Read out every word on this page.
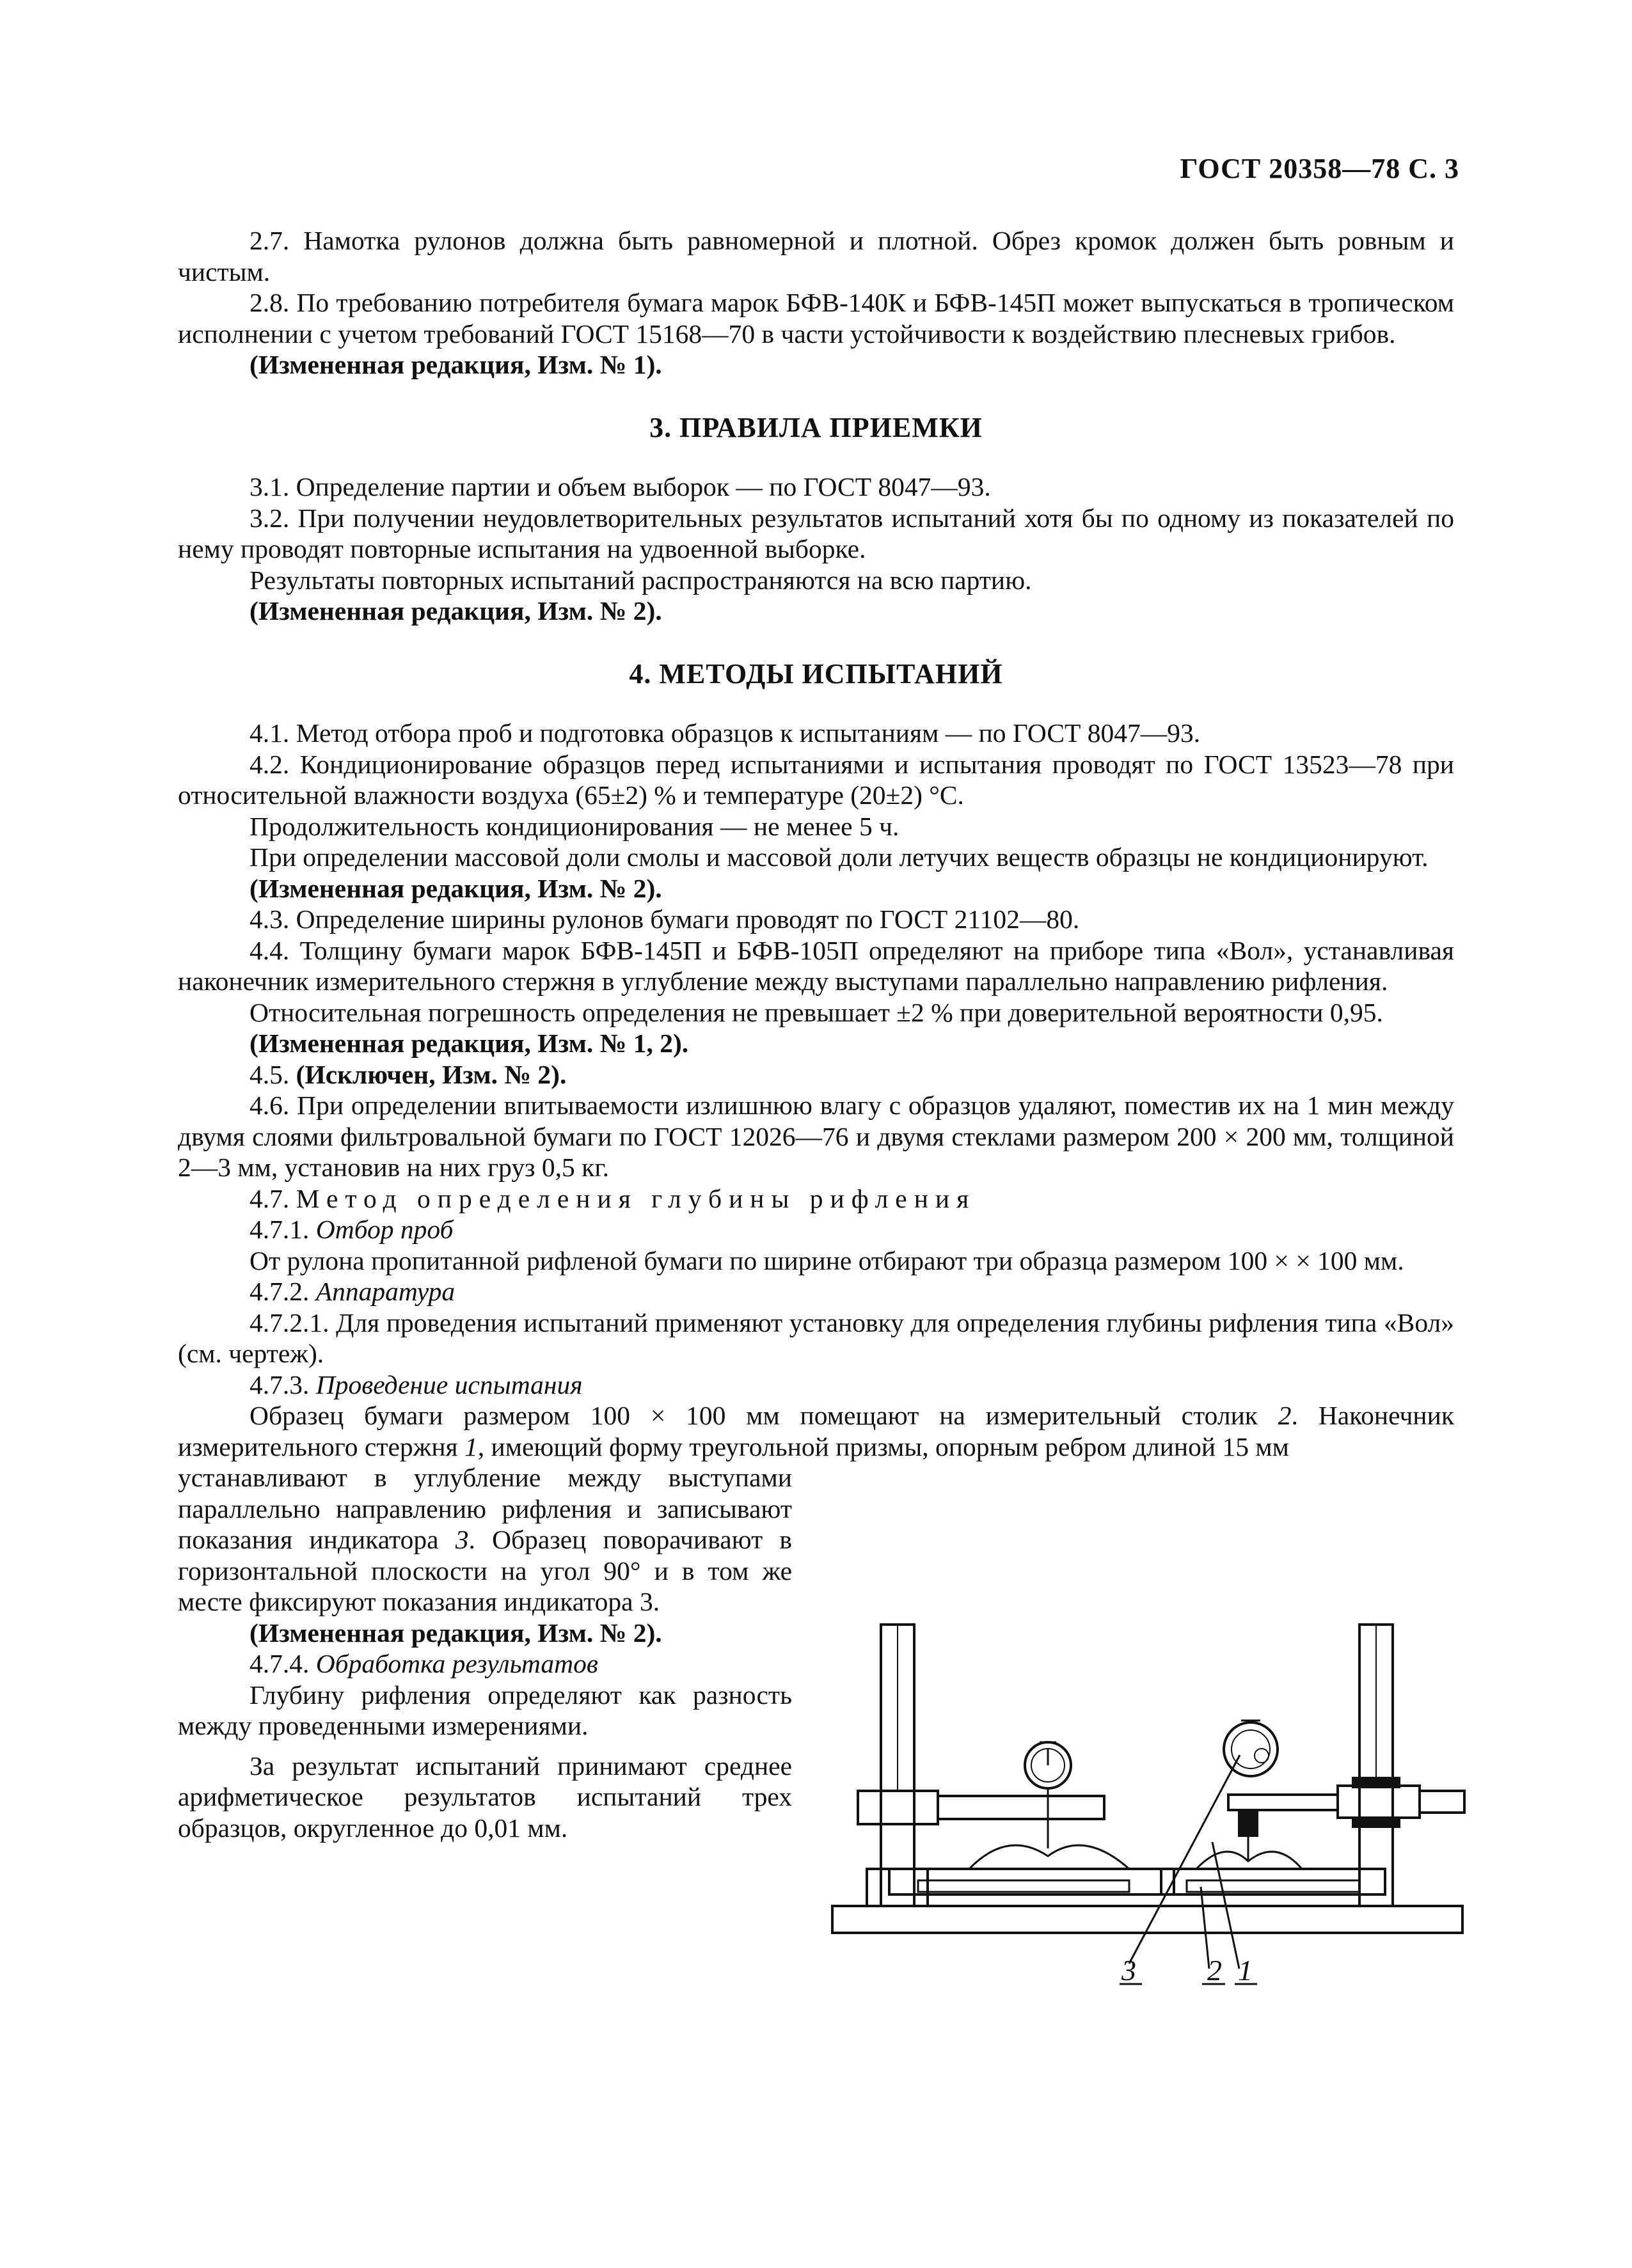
ГОСТ 20358—78 С. 3

2.7. Намотка рулонов должна быть равномерной и плотной. Обрез кромок должен быть ровным и чистым.

2.8. По требованию потребителя бумага марок БФВ-140К и БФВ-145П может выпускаться в тропическом исполнении с учетом требований ГОСТ 15168—70 в части устойчивости к воздействию плесневых грибов.

(Измененная редакция, Изм. № 1).

3. ПРАВИЛА ПРИЕМКИ

3.1. Определение партии и объем выборок — по ГОСТ 8047—93.

3.2. При получении неудовлетворительных результатов испытаний хотя бы по одному из показателей по нему проводят повторные испытания на удвоенной выборке.

Результаты повторных испытаний распространяются на всю партию.

(Измененная редакция, Изм. № 2).

4. МЕТОДЫ ИСПЫТАНИЙ

4.1. Метод отбора проб и подготовка образцов к испытаниям — по ГОСТ 8047—93.

4.2. Кондиционирование образцов перед испытаниями и испытания проводят по ГОСТ 13523—78 при относительной влажности воздуха (65±2) % и температуре (20±2) °С.

Продолжительность кондиционирования — не менее 5 ч.

При определении массовой доли смолы и массовой доли летучих веществ образцы не кондиционируют.

(Измененная редакция, Изм. № 2).

4.3. Определение ширины рулонов бумаги проводят по ГОСТ 21102—80.

4.4. Толщину бумаги марок БФВ-145П и БФВ-105П определяют на приборе типа «Вол», устанавливая наконечник измерительного стержня в углубление между выступами параллельно направлению рифления.

Относительная погрешность определения не превышает ±2 % при доверительной вероятности 0,95.

(Измененная редакция, Изм. № 1, 2).

4.5. (Исключен, Изм. № 2).

4.6. При определении впитываемости излишнюю влагу с образцов удаляют, поместив их на 1 мин между двумя слоями фильтровальной бумаги по ГОСТ 12026—76 и двумя стеклами размером 200 × 200 мм, толщиной 2—3 мм, установив на них груз 0,5 кг.

4.7. Метод определения глубины рифления

4.7.1. Отбор проб

От рулона пропитанной рифленой бумаги по ширине отбирают три образца размером 100 × × 100 мм.

4.7.2. Аппаратура

4.7.2.1. Для проведения испытаний применяют установку для определения глубины рифления типа «Вол» (см. чертеж).

4.7.3. Проведение испытания

Образец бумаги размером 100 × 100 мм помещают на измерительный столик 2. Наконечник измерительного стержня 1, имеющий форму треугольной призмы, опорным ребром длиной 15 мм

устанавливают в углубление между выступами параллельно направлению рифления и записывают показания индикатора 3. Образец поворачивают в горизонтальной плоскости на угол 90° и в том же месте фиксируют показания индикатора 3.

(Измененная редакция, Изм. № 2).

4.7.4. Обработка результатов

Глубину рифления определяют как разность между проведенными измерениями.

За результат испытаний принимают среднее арифметическое результатов испытаний трех образцов, округленное до 0,01 мм.

3 2 1
